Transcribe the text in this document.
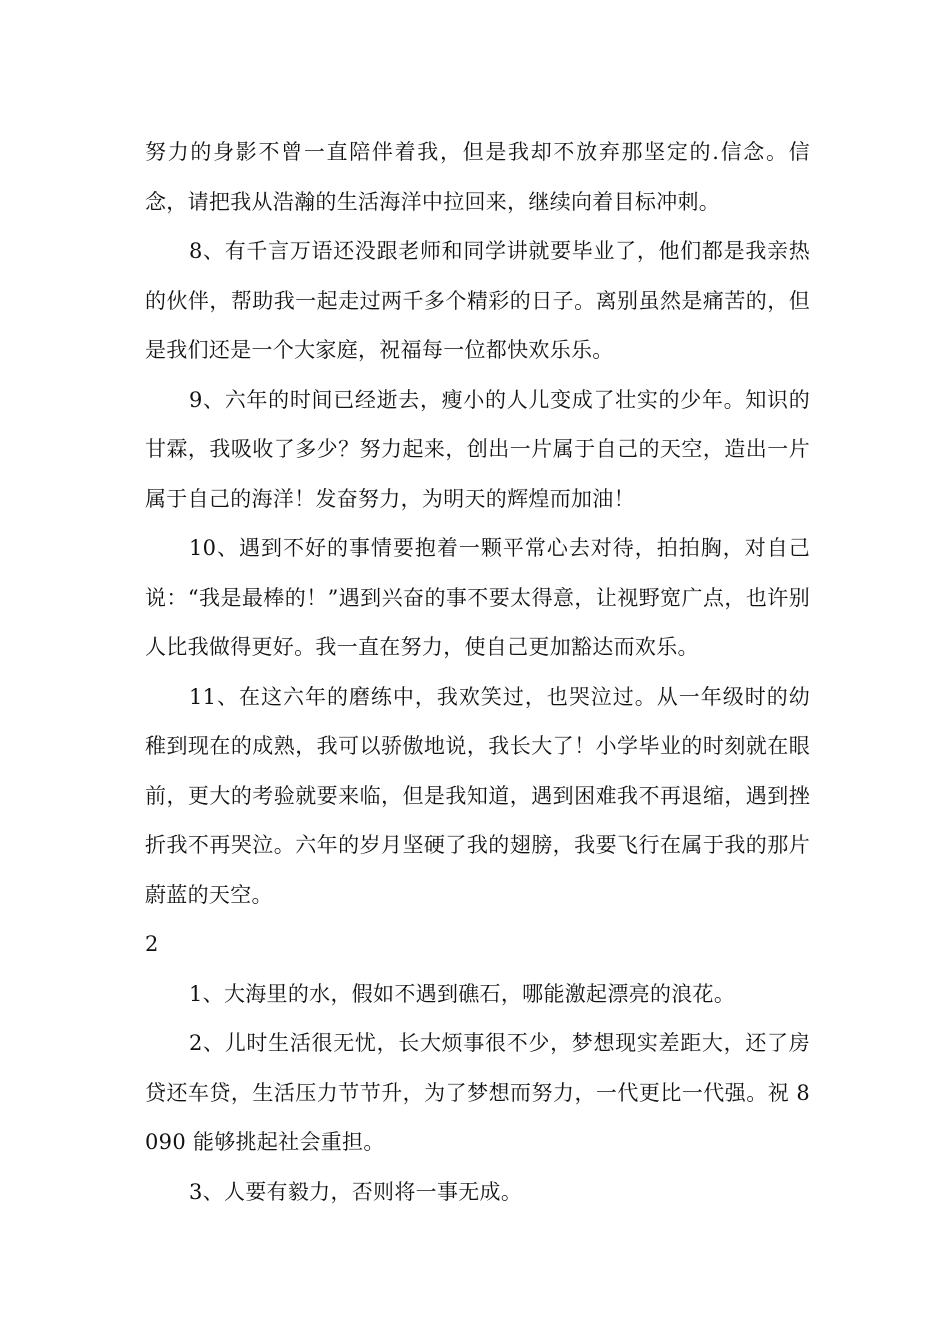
努力的身影不曾一直陪伴着我，但是我却不放弃那坚定的.信念。信念，请把我从浩瀚的生活海洋中拉回来，继续向着目标冲刺。

8、有千言万语还没跟老师和同学讲就要毕业了，他们都是我亲热的伙伴，帮助我一起走过两千多个精彩的日子。离别虽然是痛苦的，但是我们还是一个大家庭，祝福每一位都快欢乐乐。

9、六年的时间已经逝去，瘦小的人儿变成了壮实的少年。知识的甘霖，我吸收了多少？努力起来，创出一片属于自己的天空，造出一片属于自己的海洋！发奋努力，为明天的辉煌而加油！

10、遇到不好的事情要抱着一颗平常心去对待，拍拍胸，对自己说：“我是最棒的！”遇到兴奋的事不要太得意，让视野宽广点，也许别人比我做得更好。我一直在努力，使自己更加豁达而欢乐。

11、在这六年的磨练中，我欢笑过，也哭泣过。从一年级时的幼稚到现在的成熟，我可以骄傲地说，我长大了！小学毕业的时刻就在眼前，更大的考验就要来临，但是我知道，遇到困难我不再退缩，遇到挫折我不再哭泣。六年的岁月坚硬了我的翅膀，我要飞行在属于我的那片蔚蓝的天空。

2

1、大海里的水，假如不遇到礁石，哪能激起漂亮的浪花。

2、儿时生活很无忧，长大烦事很不少，梦想现实差距大，还了房贷还车贷，生活压力节节升，为了梦想而努力，一代更比一代强。祝 8090 能够挑起社会重担。

3、人要有毅力，否则将一事无成。
